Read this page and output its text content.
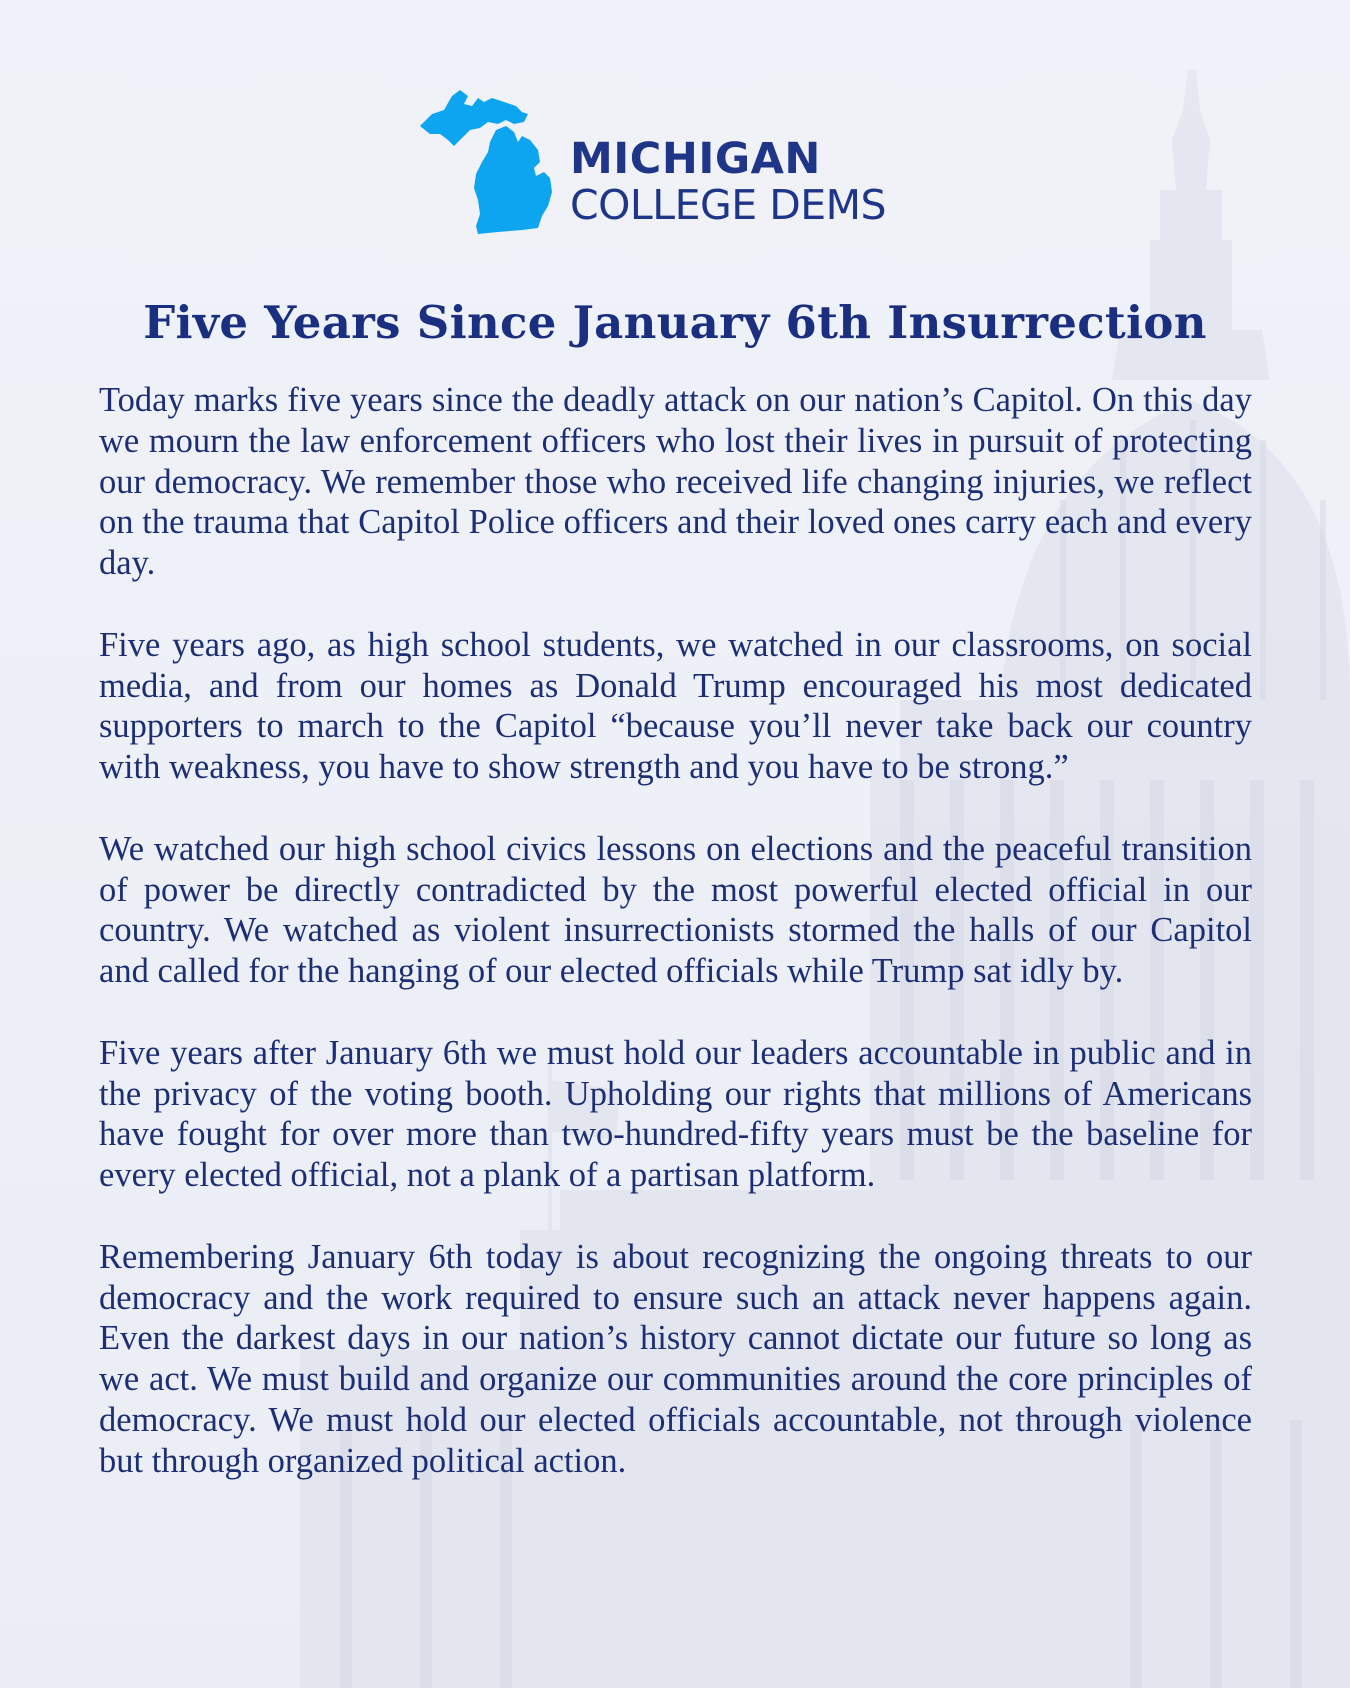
MICHIGAN
COLLEGE DEMS
Five Years Since January 6th Insurrection

Today marks five years since the deadly attack on our nation’s Capitol. On this day we mourn the law enforcement officers who lost their lives in pursuit of protecting our democracy. We remember those who received life changing injuries, we reflect on the trauma that Capitol Police officers and their loved ones carry each and every day.

Five years ago, as high school students, we watched in our classrooms, on social media, and from our homes as Donald Trump encouraged his most dedicated supporters to march to the Capitol “because you’ll never take back our country with weakness, you have to show strength and you have to be strong.”

We watched our high school civics lessons on elections and the peaceful transition of power be directly contradicted by the most powerful elected official in our country. We watched as violent insurrectionists stormed the halls of our Capitol and called for the hanging of our elected officials while Trump sat idly by.

Five years after January 6th we must hold our leaders accountable in public and in the privacy of the voting booth. Upholding our rights that millions of Americans have fought for over more than two-hundred-fifty years must be the baseline for every elected official, not a plank of a partisan platform.

Remembering January 6th today is about recognizing the ongoing threats to our democracy and the work required to ensure such an attack never happens again. Even the darkest days in our nation’s history cannot dictate our future so long as we act. We must build and organize our communities around the core principles of democracy. We must hold our elected officials accountable, not through violence but through organized political action.
